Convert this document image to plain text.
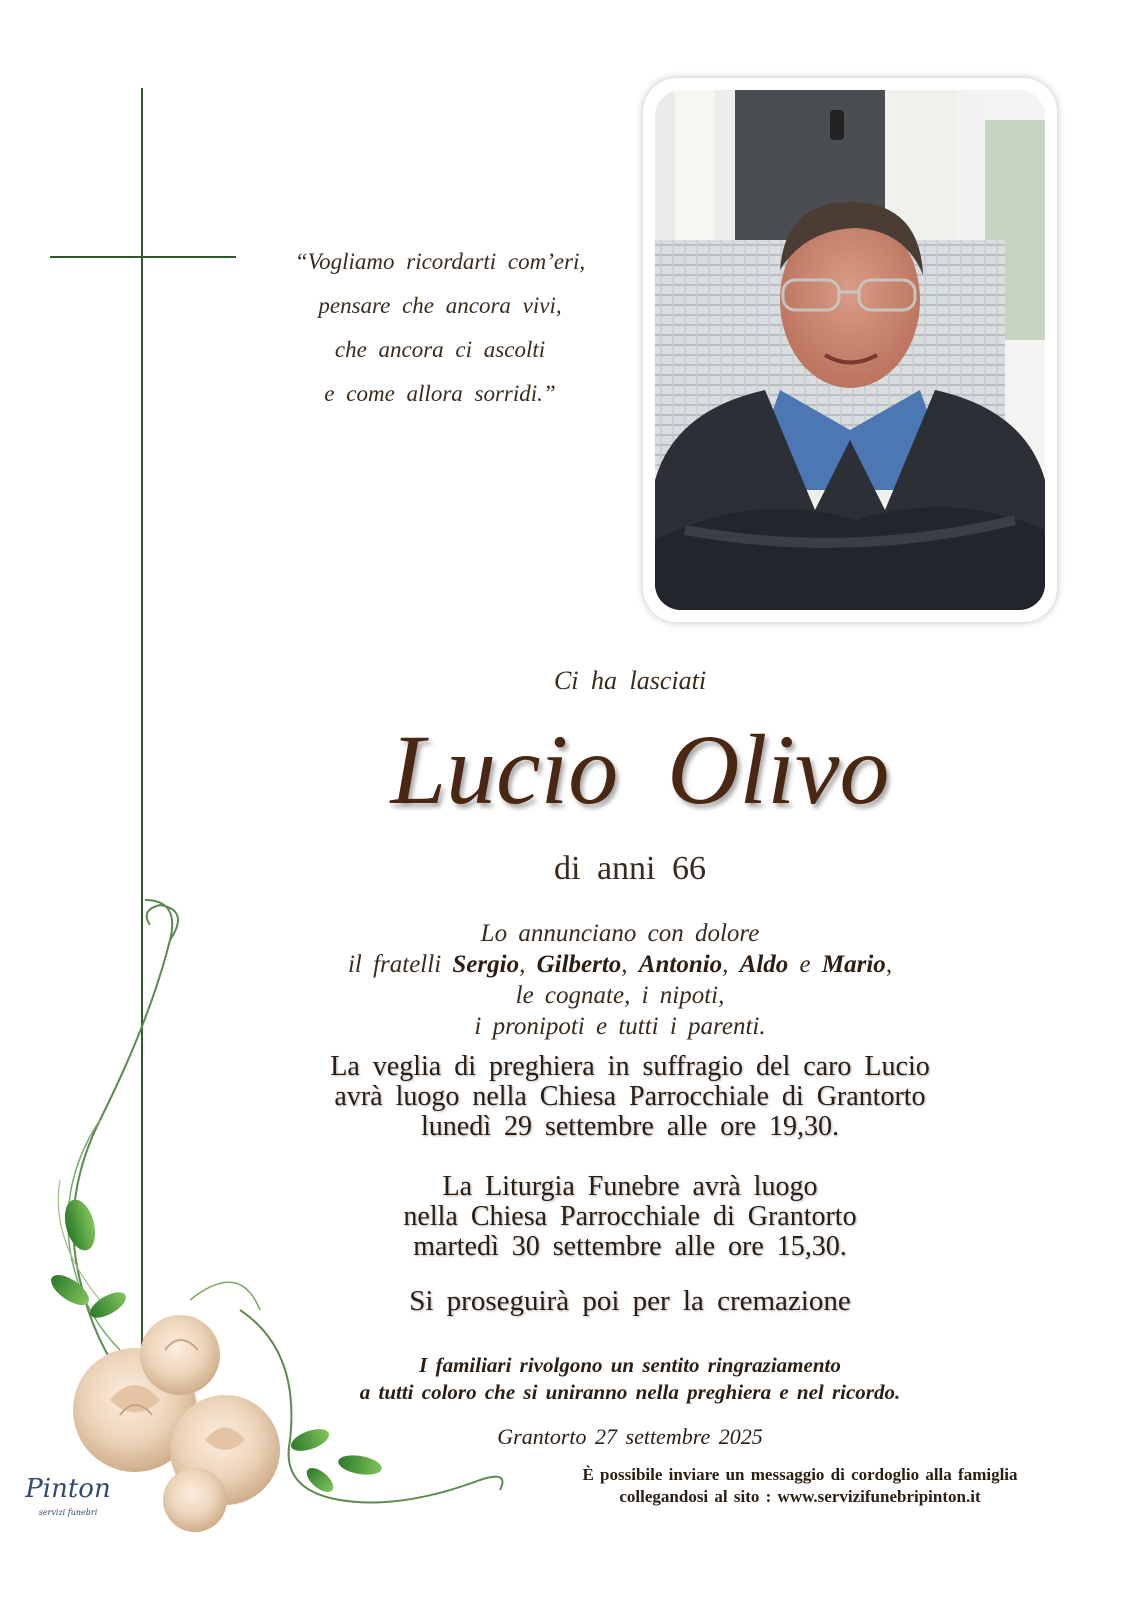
“Vogliamo ricordarti com’eri,
pensare che ancora vivi,
che ancora ci ascolti
e come allora sorridi.”
Ci ha lasciati
Lucio Olivo
di anni 66
Lo annunciano con dolore
il fratelli Sergio, Gilberto, Antonio, Aldo e Mario,
le cognate, i nipoti,
i pronipoti e tutti i parenti.
La veglia di preghiera in suffragio del caro Lucio
avrà luogo nella Chiesa Parrocchiale di Grantorto
lunedì 29 settembre alle ore 19,30.
La Liturgia Funebre avrà luogo
nella Chiesa Parrocchiale di Grantorto
martedì 30 settembre alle ore 15,30.
Si proseguirà poi per la cremazione
I familiari rivolgono un sentito ringraziamento
a tutti coloro che si uniranno nella preghiera e nel ricordo.
Grantorto 27 settembre 2025
È possibile inviare un messaggio di cordoglio alla famiglia
collegandosi al sito : www.servizifunebripinton.it
Pinton
servizi funebri
